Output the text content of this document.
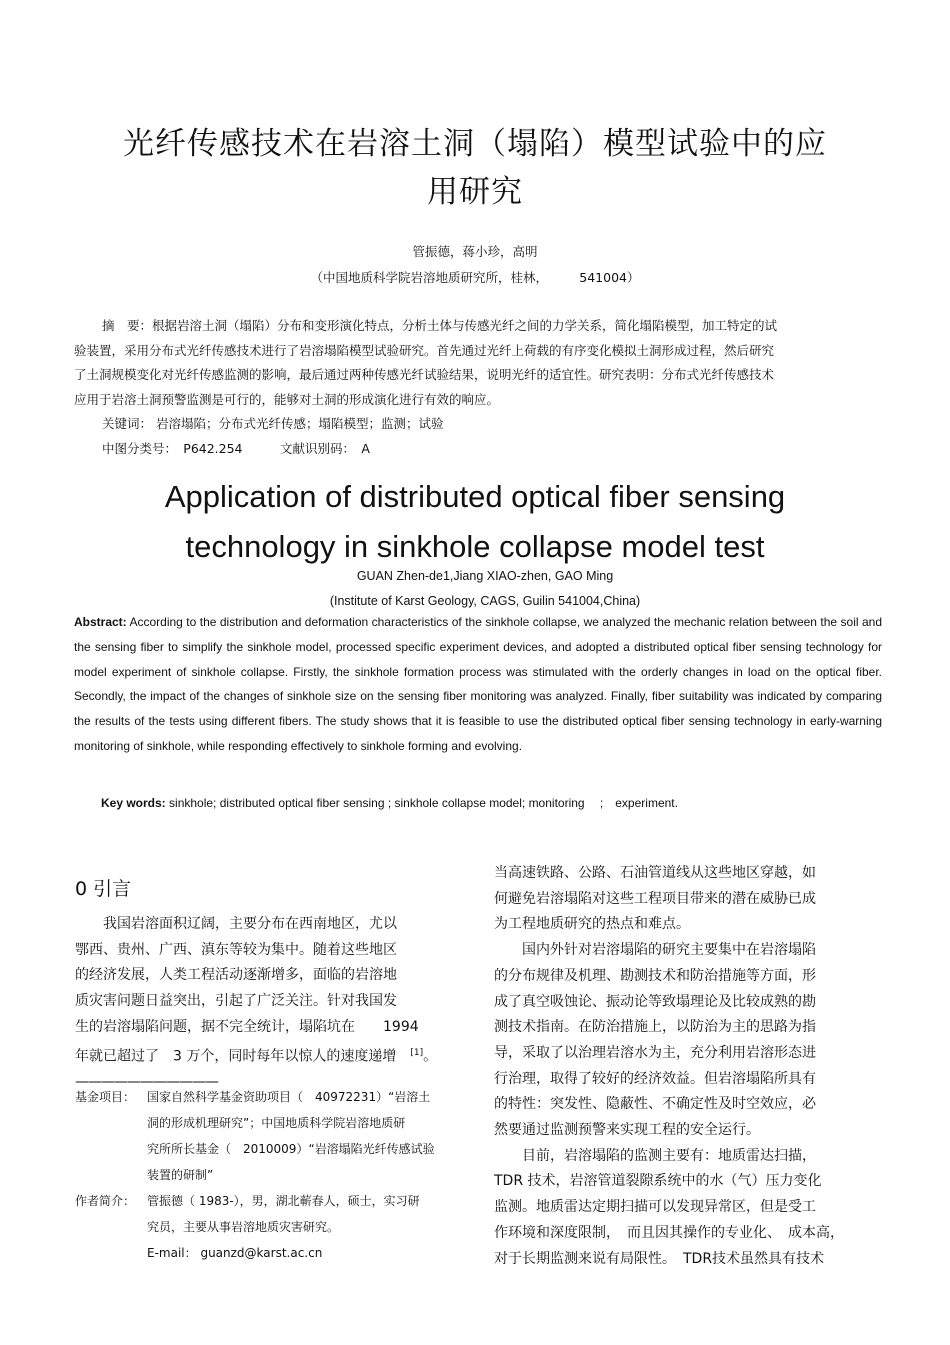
光纤传感技术在岩溶土洞（塌陷）模型试验中的应
用研究
管振德，蒋小珍，高明
（中国地质科学院岩溶地质研究所，桂林，　　　541004）

摘　要：根据岩溶土洞（塌陷）分布和变形演化特点，分析土体与传感光纤之间的力学关系，简化塌陷模型，加工特定的试

验装置，采用分布式光纤传感技术进行了岩溶塌陷模型试验研究。首先通过光纤上荷载的有序变化模拟土洞形成过程，然后研究

了土洞规模变化对光纤传感监测的影响，最后通过两种传感光纤试验结果，说明光纤的适宜性。研究表明：分布式光纤传感技术

应用于岩溶土洞预警监测是可行的，能够对土洞的形成演化进行有效的响应。

关键词： 岩溶塌陷；分布式光纤传感；塌陷模型；监测；试验

中图分类号：　 P642.254　　　	文献识别码：　 A

Application of distributed optical fiber sensing
technology in sinkhole collapse model test
GUAN Zhen-de1,Jiang XIAO-zhen, GAO Ming
(Institute of Karst Geology, CAGS, Guilin 541004,China)
Abstract: According to the distribution and deformation characteristics of the sinkhole collapse, we analyzed the mechanic relation between the soil and the sensing fiber to simplify the sinkhole model, processed specific experiment devices, and adopted a distributed optical fiber sensing technology for model experiment of sinkhole collapse. Firstly, the sinkhole formation process was stimulated with the orderly changes in load on the optical fiber. Secondly, the impact of the changes of sinkhole size on the sensing fiber monitoring was analyzed. Finally, fiber suitability was indicated by comparing the results of the tests using different fibers. The study shows that it is feasible to use the distributed optical fiber sensing technology in early-warning monitoring of sinkhole, while responding effectively to sinkhole forming and evolving.
Key words: sinkhole; distributed optical fiber sensing ; sinkhole collapse model; monitoring　 ;　experiment.
0 引言

　　我国岩溶面积辽阔，主要分布在西南地区，尤以

鄂西、贵州、广西、滇东等较为集中。随着这些地区

的经济发展，人类工程活动逐渐增多，面临的岩溶地

质灾害问题日益突出，引起了广泛关注。针对我国发

生的岩溶塌陷问题，据不完全统计，塌陷坑在　　1994

年就已超过了　3 万个，同时每年以惊人的速度递增　 [1]。

———————————

基金项目： 国家自然科学基金资助项目（　40972231）“岩溶土
洞的形成机理研究”；中国地质科学院岩溶地质研
究所所长基金（　2010009）“岩溶塌陷光纤传感试验
装置的研制”
作者简介： 管振德（ 1983-），男，湖北蕲春人，硕士，实习研
究员，主要从事岩溶地质灾害研究。
E-mail： guanzd@karst.ac.cn

当高速铁路、公路、石油管道线从这些地区穿越，如

何避免岩溶塌陷对这些工程项目带来的潜在威胁已成

为工程地质研究的热点和难点。

　　国内外针对岩溶塌陷的研究主要集中在岩溶塌陷

的分布规律及机理、勘测技术和防治措施等方面，形

成了真空吸蚀论、振动论等致塌理论及比较成熟的勘

测技术指南。在防治措施上，以防治为主的思路为指

导，采取了以治理岩溶水为主，充分利用岩溶形态进

行治理，取得了较好的经济效益。但岩溶塌陷所具有

的特性：突发性、隐蔽性、不确定性及时空效应，必

然要通过监测预警来实现工程的安全运行。

　　目前，岩溶塌陷的监测主要有：地质雷达扫描，

TDR 技术，岩溶管道裂隙系统中的水（气）压力变化

监测。地质雷达定期扫描可以发现异常区，但是受工

作环境和深度限制，　而且因其操作的专业化、　成本高，

对于长期监测来说有局限性。　TDR技术虽然具有技术
